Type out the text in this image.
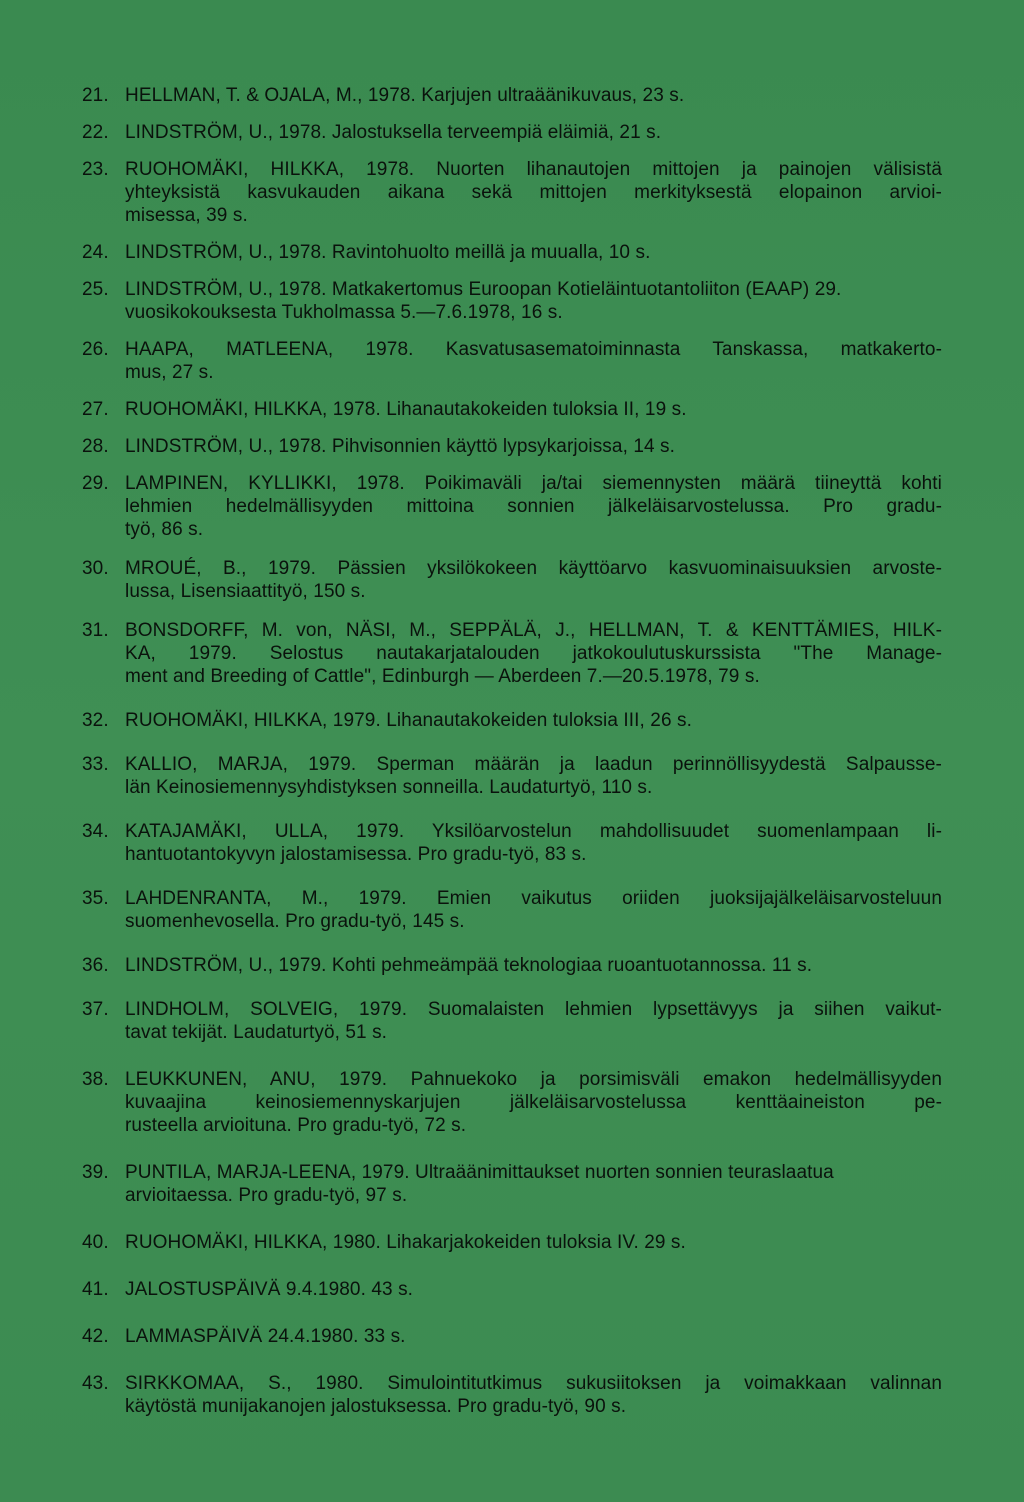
21. HELLMAN, T. & OJALA, M., 1978. Karjujen ultraäänikuvaus, 23 s.
22. LINDSTRÖM, U., 1978. Jalostuksella terveempiä eläimiä, 21 s.
23. RUOHOMÄKI, HILKKA, 1978. Nuorten lihanautojen mittojen ja painojen välisistä
yhteyksistä kasvukauden aikana sekä mittojen merkityksestä elopainon arvioi-
misessa, 39 s.
24. LINDSTRÖM, U., 1978. Ravintohuolto meillä ja muualla, 10 s.
25. LINDSTRÖM, U., 1978. Matkakertomus Euroopan Kotieläintuotantoliiton (EAAP) 29.
vuosikokouksesta Tukholmassa 5.—7.6.1978, 16 s.
26. HAAPA, MATLEENA, 1978. Kasvatusasematoiminnasta Tanskassa, matkakerto-
mus, 27 s.
27. RUOHOMÄKI, HILKKA, 1978. Lihanautakokeiden tuloksia II, 19 s.
28. LINDSTRÖM, U., 1978. Pihvisonnien käyttö lypsykarjoissa, 14 s.
29. LAMPINEN, KYLLIKKI, 1978. Poikimaväli ja/tai siemennysten määrä tiineyttä kohti
lehmien hedelmällisyyden mittoina sonnien jälkeläisarvostelussa. Pro gradu-
työ, 86 s.
30. MROUÉ, B., 1979. Pässien yksilökokeen käyttöarvo kasvuominaisuuksien arvoste-
lussa, Lisensiaattityö, 150 s.
31. BONSDORFF, M. von, NÄSI, M., SEPPÄLÄ, J., HELLMAN, T. & KENTTÄMIES, HILK-
KA, 1979. Selostus nautakarjatalouden jatkokoulutuskurssista "The Manage-
ment and Breeding of Cattle", Edinburgh — Aberdeen 7.—20.5.1978, 79 s.
32. RUOHOMÄKI, HILKKA, 1979. Lihanautakokeiden tuloksia III, 26 s.
33. KALLIO, MARJA, 1979. Sperman määrän ja laadun perinnöllisyydestä Salpausse-
län Keinosiemennysyhdistyksen sonneilla. Laudaturtyö, 110 s.
34. KATAJAMÄKI, ULLA, 1979. Yksilöarvostelun mahdollisuudet suomenlampaan li-
hantuotantokyvyn jalostamisessa. Pro gradu-työ, 83 s.
35. LAHDENRANTA, M., 1979. Emien vaikutus oriiden juoksijajälkeläisarvosteluun
suomenhevosella. Pro gradu-työ, 145 s.
36. LINDSTRÖM, U., 1979. Kohti pehmeämpää teknologiaa ruoantuotannossa. 11 s.
37. LINDHOLM, SOLVEIG, 1979. Suomalaisten lehmien lypsettävyys ja siihen vaikut-
tavat tekijät. Laudaturtyö, 51 s.
38. LEUKKUNEN, ANU, 1979. Pahnuekoko ja porsimisväli emakon hedelmällisyyden
kuvaajina keinosiemennyskarjujen jälkeläisarvostelussa kenttäaineiston pe-
rusteella arvioituna. Pro gradu-työ, 72 s.
39. PUNTILA, MARJA-LEENA, 1979. Ultraäänimittaukset nuorten sonnien teuraslaatua
arvioitaessa. Pro gradu-työ, 97 s.
40. RUOHOMÄKI, HILKKA, 1980. Lihakarjakokeiden tuloksia IV. 29 s.
41. JALOSTUSPÄIVÄ 9.4.1980. 43 s.
42. LAMMASPÄIVÄ 24.4.1980. 33 s.
43. SIRKKOMAA, S., 1980. Simulointitutkimus sukusiitoksen ja voimakkaan valinnan
käytöstä munijakanojen jalostuksessa. Pro gradu-työ, 90 s.
